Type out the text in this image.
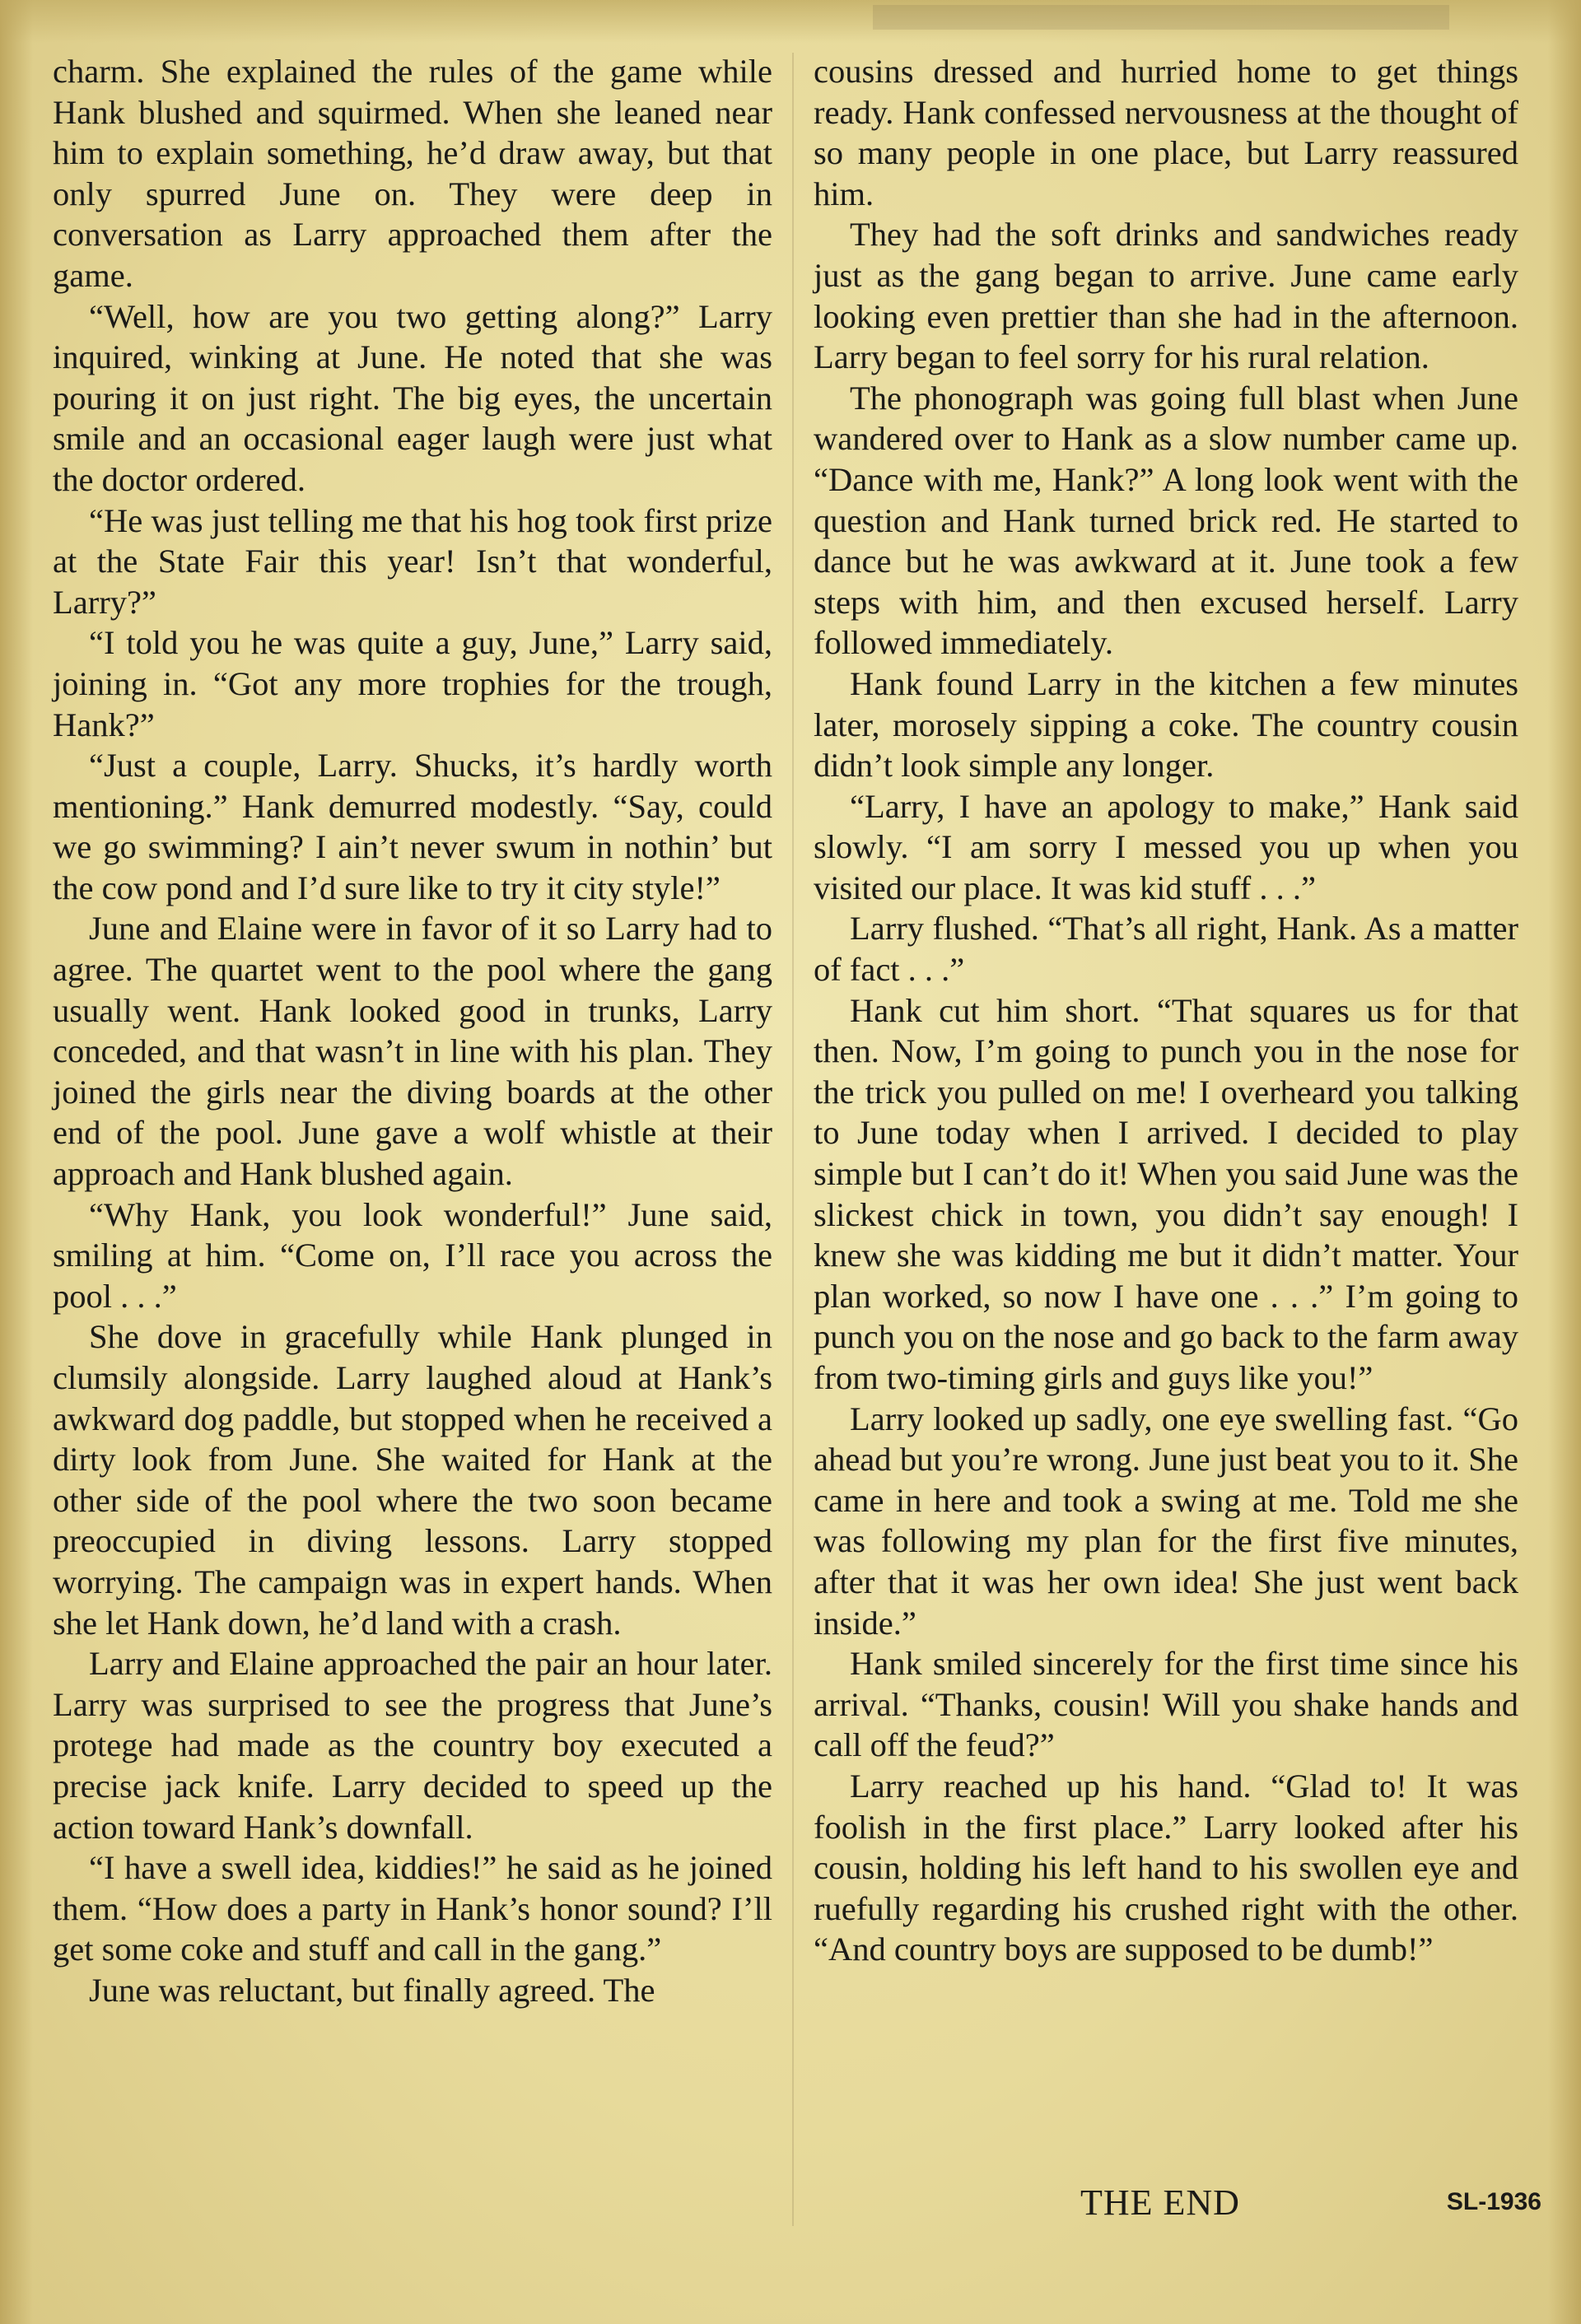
charm. She explained the rules of the game while Hank blushed and squirmed. When she leaned near him to explain something, he’d draw away, but that only spurred June on. They were deep in conversation as Larry approached them after the game.

“Well, how are you two getting along?” Larry inquired, winking at June. He noted that she was pouring it on just right. The big eyes, the uncertain smile and an occasional eager laugh were just what the doctor ordered.

“He was just telling me that his hog took first prize at the State Fair this year! Isn’t that wonderful, Larry?”

“I told you he was quite a guy, June,” Larry said, joining in. “Got any more trophies for the trough, Hank?”

“Just a couple, Larry. Shucks, it’s hardly worth mentioning.” Hank demurred modestly. “Say, could we go swimming? I ain’t never swum in nothin’ but the cow pond and I’d sure like to try it city style!”

June and Elaine were in favor of it so Larry had to agree. The quartet went to the pool where the gang usually went. Hank looked good in trunks, Larry conceded, and that wasn’t in line with his plan. They joined the girls near the diving boards at the other end of the pool. June gave a wolf whistle at their approach and Hank blushed again.

“Why Hank, you look wonderful!” June said, smiling at him. “Come on, I’ll race you across the pool . . .”

She dove in gracefully while Hank plunged in clumsily alongside. Larry laughed aloud at Hank’s awkward dog paddle, but stopped when he received a dirty look from June. She waited for Hank at the other side of the pool where the two soon became preoccupied in diving lessons. Larry stopped worrying. The campaign was in expert hands. When she let Hank down, he’d land with a crash.

Larry and Elaine approached the pair an hour later. Larry was surprised to see the progress that June’s protege had made as the country boy executed a precise jack knife. Larry decided to speed up the action toward Hank’s downfall.

“I have a swell idea, kiddies!” he said as he joined them. “How does a party in Hank’s honor sound? I’ll get some coke and stuff and call in the gang.”

June was reluctant, but finally agreed. The

cousins dressed and hurried home to get things ready. Hank confessed nervousness at the thought of so many people in one place, but Larry reassured him.

They had the soft drinks and sandwiches ready just as the gang began to arrive. June came early looking even prettier than she had in the afternoon. Larry began to feel sorry for his rural relation.

The phonograph was going full blast when June wandered over to Hank as a slow number came up. “Dance with me, Hank?” A long look went with the question and Hank turned brick red. He started to dance but he was awkward at it. June took a few steps with him, and then excused herself. Larry followed immediately.

Hank found Larry in the kitchen a few minutes later, morosely sipping a coke. The country cousin didn’t look simple any longer.

“Larry, I have an apology to make,” Hank said slowly. “I am sorry I messed you up when you visited our place. It was kid stuff . . .”

Larry flushed. “That’s all right, Hank. As a matter of fact . . .”

Hank cut him short. “That squares us for that then. Now, I’m going to punch you in the nose for the trick you pulled on me! I overheard you talking to June today when I arrived. I decided to play simple but I can’t do it! When you said June was the slickest chick in town, you didn’t say enough! I knew she was kidding me but it didn’t matter. Your plan worked, so now I have one . . .” I’m going to punch you on the nose and go back to the farm away from two-timing girls and guys like you!”

Larry looked up sadly, one eye swelling fast. “Go ahead but you’re wrong. June just beat you to it. She came in here and took a swing at me. Told me she was following my plan for the first five minutes, after that it was her own idea! She just went back inside.”

Hank smiled sincerely for the first time since his arrival. “Thanks, cousin! Will you shake hands and call off the feud?”

Larry reached up his hand. “Glad to! It was foolish in the first place.” Larry looked after his cousin, holding his left hand to his swollen eye and ruefully regarding his crushed right with the other. “And country boys are supposed to be dumb!”

THE END	SL-1936
